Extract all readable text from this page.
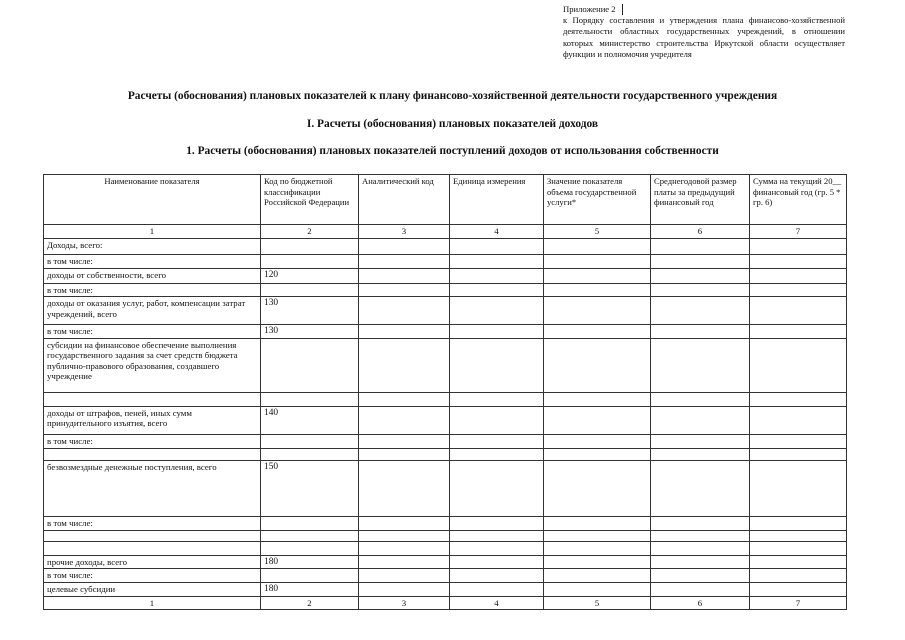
Приложение 2

к Порядку составления и утверждения плана финансово-хозяйственной деятельности областных государственных учреждений, в отношении которых министерство строительства Иркутской области осуществляет функции и полномочия учредителя

Расчеты (обоснования) плановых показателей к плану финансово-хозяйственной деятельности государственного учреждения
I. Расчеты (обоснования) плановых показателей доходов
1. Расчеты (обоснования) плановых показателей поступлений доходов от использования собственности
Наименование показателя	Код по бюджетной классификации Российской Федерации	Аналитический код	Единица измерения	Значение показателя объема государственной услуги*	Среднегодовой размер платы за предыдущий финансовый год	Сумма на текущий 20__ финансовый год (гр. 5 * гр. 6)
1	2	3	4	5	6	7
Доходы, всего:						
в том числе:						
доходы от собственности, всего	120					
в том числе:						
доходы от оказания услуг, работ, компенсации затрат учреждений, всего	130					
в том числе:	130					
субсидии на финансовое обеспечение выполнения государственного задания за счет средств бюджета публично-правового образования, создавшего учреждение						

доходы от штрафов, пеней, иных сумм принудительного изъятия, всего	140					
в том числе:						

безвозмездные денежные поступления, всего	150					
в том числе:						

прочие доходы, всего	180					
в том числе:						
целевые субсидии	180					
1	2	3	4	5	6	7
